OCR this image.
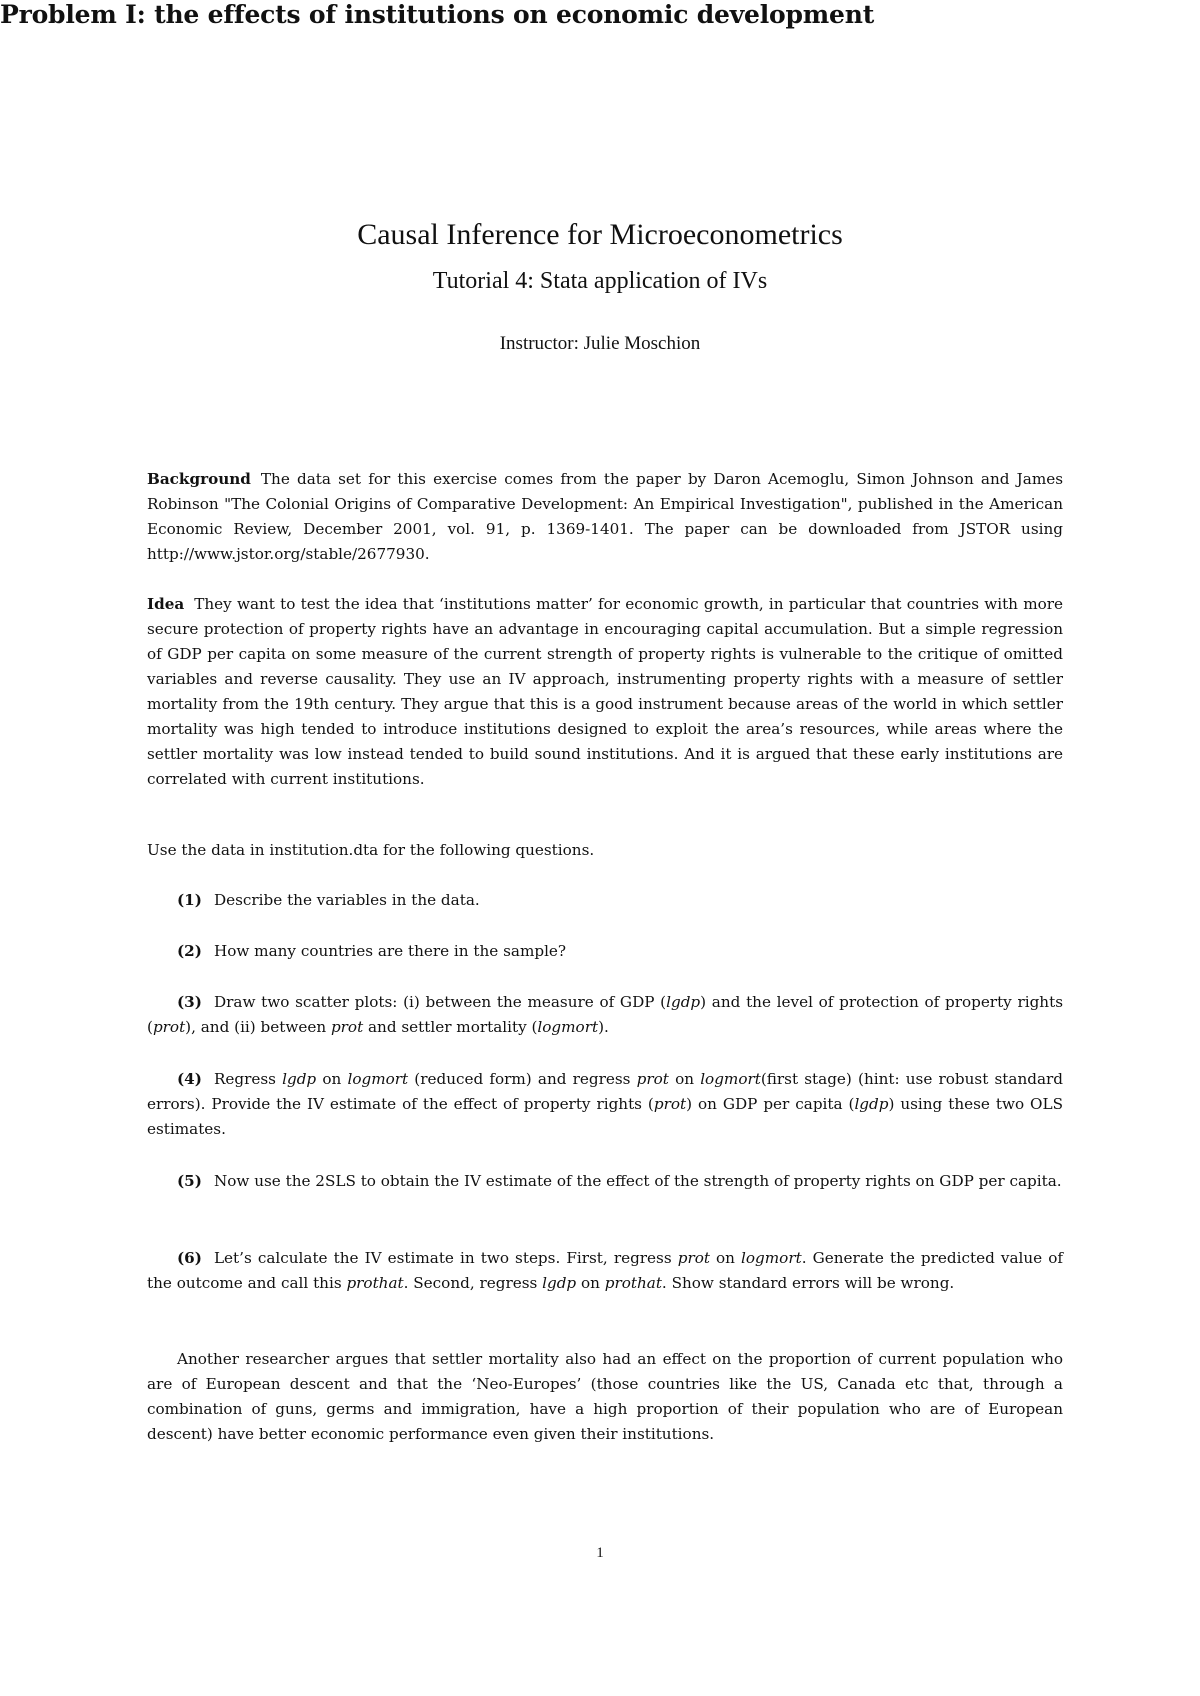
Causal Inference for Microeconometrics
Tutorial 4: Stata application of IVs
Instructor: Julie Moschion
Problem I: the effects of institutions on economic development
Background The data set for this exercise comes from the paper by Daron Acemoglu, Simon Johnson and James Robinson "The Colonial Origins of Comparative Development: An Empirical Investigation", published in the American Economic Review, December 2001, vol. 91, p. 1369-1401. The paper can be downloaded from JSTOR using http://www.jstor.org/stable/2677930.
Idea They want to test the idea that ‘institutions matter’ for economic growth, in particular that countries with more secure protection of property rights have an advantage in encouraging capital accumulation. But a simple regression of GDP per capita on some measure of the current strength of property rights is vulnerable to the critique of omitted variables and reverse causality. They use an IV approach, instrumenting property rights with a measure of settler mortality from the 19th century. They argue that this is a good instrument because areas of the world in which settler mortality was high tended to introduce institutions designed to exploit the area’s resources, while areas where the settler mortality was low instead tended to build sound institutions. And it is argued that these early institutions are correlated with current institutions.
Use the data in institution.dta for the following questions.
(1) Describe the variables in the data.
(2) How many countries are there in the sample?
(3) Draw two scatter plots: (i) between the measure of GDP (lgdp) and the level of protection of property rights (prot), and (ii) between prot and settler mortality (logmort).
(4) Regress lgdp on logmort (reduced form) and regress prot on logmort(first stage) (hint: use robust standard errors). Provide the IV estimate of the effect of property rights (prot) on GDP per capita (lgdp) using these two OLS estimates.
(5) Now use the 2SLS to obtain the IV estimate of the effect of the strength of property rights on GDP per capita.
(6) Let’s calculate the IV estimate in two steps. First, regress prot on logmort. Generate the predicted value of the outcome and call this prothat. Second, regress lgdp on prothat. Show standard errors will be wrong.
Another researcher argues that settler mortality also had an effect on the proportion of current population who are of European descent and that the ‘Neo-Europes’ (those countries like the US, Canada etc that, through a combination of guns, germs and immigration, have a high proportion of their population who are of European descent) have better economic performance even given their institutions.
1
